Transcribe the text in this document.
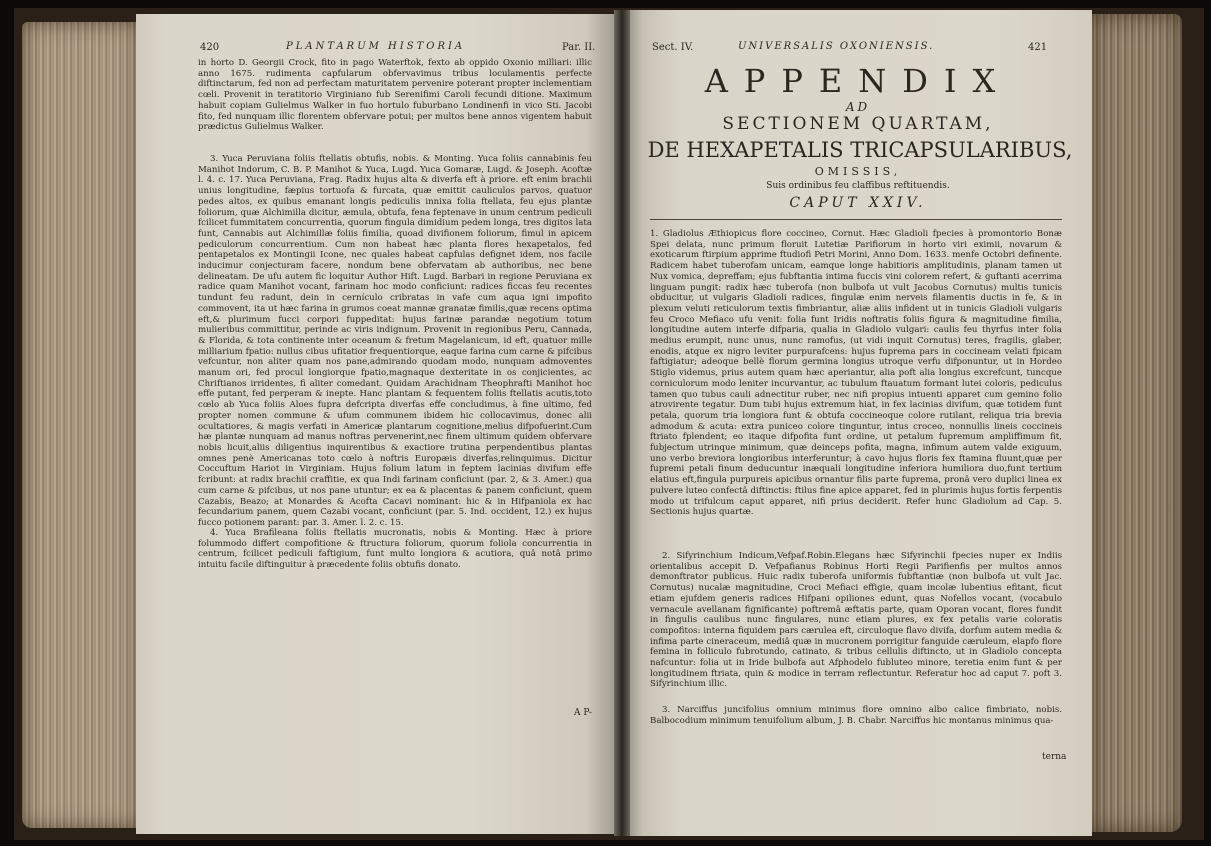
420	PLANTARUM HISTORIA	Par. II.

in horto D. Georgii Crock, fito in pago Waterftok, fexto ab oppido Oxonio milliari: illic anno 1675. rudimenta capfularum obfervavimus tribus loculamentis perfecte diftinctarum, fed non ad perfectam maturitatem pervenire poterant propter inclementiam cœli. Provenit in teratitorio Virginiano fub Serenifimi Caroli fecundi ditione. Maximum habuit copiam Gulielmus Walker in fuo hortulo fuburbano Londinenfi in vico Sti. Jacobi fito, fed nunquam illic florentem obfervare potui; per multos bene annos vigentem habuit prædictus Gulielmus Walker.

3. Yuca Peruviana foliis ftellatis obtufis, nobis. & Monting. Yuca foliis cannabinis feu Manihot Indorum, C. B. P. Manihot & Yuca, Lugd. Yuca Gomaræ, Lugd. & Joseph. Acoftæ l. 4. c. 17. Yuca Peruviana, Frag. Radix hujus alta & diverfa eft à priore. eft enim brachii unius longitudine, fæpius tortuofa & furcata, quæ emittit cauliculos parvos, quatuor pedes altos, ex quibus emanant longis pediculis innixa folia ftellata, feu ejus plantæ foliorum, quæ Alchimilla dicitur, æmula, obtufa, fena feptenave in unum centrum pediculi fcilicet fummitatem concurrentia, quorum fingula dimidium pedem longa, tres digitos lata funt, Cannabis aut Alchimillæ foliis fimilia, quoad divifionem foliorum, fimul in apicem pediculorum concurrentium. Cum non habeat hæc planta flores hexapetalos, fed pentapetalos ex Montingii Icone, nec quales habeat capfulas defignet idem, nos facile inducimur conjecturam facere, nondum bene obfervatam ab authoribus, nec bene delineatam. De ufu autem fic loquitur Author Hift. Lugd. Barbari in regione Peruviana ex radice quam Manihot vocant, farinam hoc modo conficiunt: radices ficcas feu recentes tundunt feu radunt, dein in cernículo cribratas in vafe cum aqua igni impofito commovent, ita ut hæc farina in grumos coeat mannæ granatæ fimilis,quæ recens optima eft,& plurimum fucci corpori fuppeditat: hujus farinæ parandæ negotium totum mulieribus committitur, perinde ac viris indignum. Provenit in regionibus Peru, Cannada, & Florida, & tota continente inter oceanum & fretum Magelanicum, id eft, quatuor mille milliarium fpatio: nullus cibus ufitatior frequentiorque, eaque farina cum carne & pifcibus vefcuntur, non aliter quam nos pane,admirando quodam modo, nunquam admoventes manum ori, fed procul longiorque fpatio,magnaque dexteritate in os conjicientes, ac Chriftianos irridentes, fi aliter comedant. Quidam Arachidnam Theophrafti Manihot hoc effe putant, fed perperam & inepte. Hanc plantam & fequentem foliis ftellatis acutis,toto cœlo ab Yuca foliis Aloes fupra defcripta diverfas effe concludimus, à fine ultimo, fed propter nomen commune & ufum communem ibidem hic collocavimus, donec alii ocultatiores, & magis verfati in Americæ plantarum cognitione,melius difpofuerint.Cum hæ plantæ nunquam ad manus noftras pervenerint,nec finem ultimum quidem obfervare nobis licuit,aliis diligentius inquirentibus & exactiore trutina perpendentibus plantas omnes penè Americanas toto cœlo à noftris Europæis diverfas,relinquimus. Dicitur Coccuftum Hariot in Virginiam. Hujus folium latum in feptem lacinias divifum effe fcribunt: at radix brachii craffitie, ex qua Indi farinam conficiunt (par. 2, & 3. Amer.) qua cum carne & pifcibus, ut nos pane utuntur; ex ea & placentas & panem conficiunt, quem Cazabis, Beazo; at Monardes & Acofta Cacavi nominant: hic & in Hifpaniola ex hac fecundarium panem, quem Cazabi vocant, conficiunt (par. 5. Ind. occident, 12.) ex hujus fucco potionem parant: par. 3. Amer. l. 2. c. 15.

4. Yuca Brafileana foliis ftellatis mucronatis, nobis & Monting. Hæc à priore folummodo differt compofitione & ftructura foliorum, quorum foliola concurrentia in centrum, fcilicet pediculi faftigium, funt multo longiora & acutiora, quâ notâ primo intuitu facile diftinguitur à præcedente foliis obtufis donato.

A P-
Sect. IV.	UNIVERSALIS OXONIENSIS.	421
APPENDIX
AD
SECTIONEM QUARTAM,
DE HEXAPETALIS TRICAPSULARIBUS,
OMISSIS,
Suis ordinibus feu claffibus reftituendis.
CAPUT XXIV.

1. Gladiolus Æthiopicus flore coccineo, Cornut. Hæc Gladioli fpecies à promontorio Bonæ Spei delata, nunc primum floruit Lutetiæ Parifiorum in horto viri eximii, novarum & exoticarum ftirpium apprime ftudiofi Petri Morini, Anno Dom. 1633. menfe Octobri definente. Radicem habet tuberofam unicam, eamque longe habitioris amplitudinis, planam tamen ut Nux vomica, depreffam; ejus fubftantia intima fuccis vini colorem refert, & guftanti acerrima linguam pungit: radix hæc tuberofa (non bulbofa ut vult Jacobus Cornutus) multis tunicis obducitur, ut vulgaris Gladioli radices, fingulæ enim nerveis filamentis ductis in fe, & in plexum veluti reticulorum textis fimbriantur, aliæ aliis infident ut in tunicis Gladioli vulgaris feu Croco Mefiaco ufu venit: folia funt Iridis noftratis foliis figura & magnitudine fimilia, longitudine autem interfe difparia, qualia in Gladiolo vulgari: caulis feu thyrfus inter folia medius erumpit, nunc unus, nunc ramofus, (ut vidi inquit Cornutus) teres, fragilis, glaber, enodis, atque ex nigro leviter purpurafcens: hujus fuprema pars in coccineam velati fpicam faftigiatur; adeoque bellè florum germina longius utroque verfu difponuntur, ut in Hordeo Stiglo videmus, prius autem quam hæc aperiantur, alia poft alia longius excrefcunt, tuncque corniculorum modo leniter incurvantur, ac tubulum ftauatum formant lutei coloris, pediculus tamen quo tubus cauli adnectitur ruber, nec nifi propius intuenti apparet cum gemino folio atrovirente tegatur. Dum tubi hujus extremum hiat, in fex lacinias divifum, quæ totidem funt petala, quorum tria longiora funt & obtufa coccineoque colore rutilant, reliqua tria brevia admodum & acuta: extra puniceo colore tinguntur, intus croceo, nonnullis lineis coccineis ftriato fplendent; eo itaque difpofita funt ordine, ut petalum fupremum ampliffimum fit, fubjectum utrinque minimum, quæ deinceps pofita, magna, infimum autem valde exiguum, uno verbo breviora longioribus interferuntur; à cavo hujus floris fex ftamina fluunt,quæ per fupremi petali finum deducuntur inæquali longitudine inferiora humiliora duo,funt tertium elatius eft,fingula purpureis apicibus ornantur filis parte fuprema, pronâ vero duplici linea ex pulvere luteo confectâ diftinctis: ftilus fine apice apparet, fed in plurimis hujus fortis ferpentis modo ut trifulcum caput apparet, nifi prius deciderit. Refer hunc Gladiolum ad Cap. 5. Sectionis hujus quartæ.

2. Sifyrinchium Indicum,Vefpaf.Robin.Elegans hæc Sifyrinchii fpecies nuper ex Indiis orientalibus accepit D. Vefpafianus Robinus Horti Regii Parifienfis per multos annos demonftrator publicus. Huic radix tuberofa uniformis fubftantiæ (non bulbofa ut vult Jac. Cornutus) nucalæ magnitudine, Croci Mefiaci effigie, quam incolæ lubentius efitant, ficut etiam ejufdem generis radices Hifpani opiliones edunt, quas Nofellos vocant, (vocabulo vernacule avellanam fignificante) poftremâ æftatis parte, quam Oporan vocant, flores fundit in fingulis caulibus nunc fingulares, nunc etiam plures, ex fex petalis varie coloratis compofitos: interna fiquidem pars cærulea eft, circuloque flavo divifa, dorfum autem media & infima parte cineraceum, mediâ quæ in mucronem porrigitur fanguide cæruleum, elapfo flore femina in folliculo fubrotundo, catinato, & tribus cellulis diftincto, ut in Gladiolo concepta nafcuntur: folia ut in Iride bulbofa aut Afphodelo fubluteo minore, teretia enim funt & per longitudinem ftriata, quin & modice in terram reflectuntur. Referatur hoc ad caput 7. poft 3. Sifyrinchium illic.

3. Narciffus juncifolius omnium minimus flore omnino albo calice fimbriato, nobis. Balbocodium minimum tenuifolium album, J. B. Chabr. Narciffus hic montanus minimus qua-

terna
